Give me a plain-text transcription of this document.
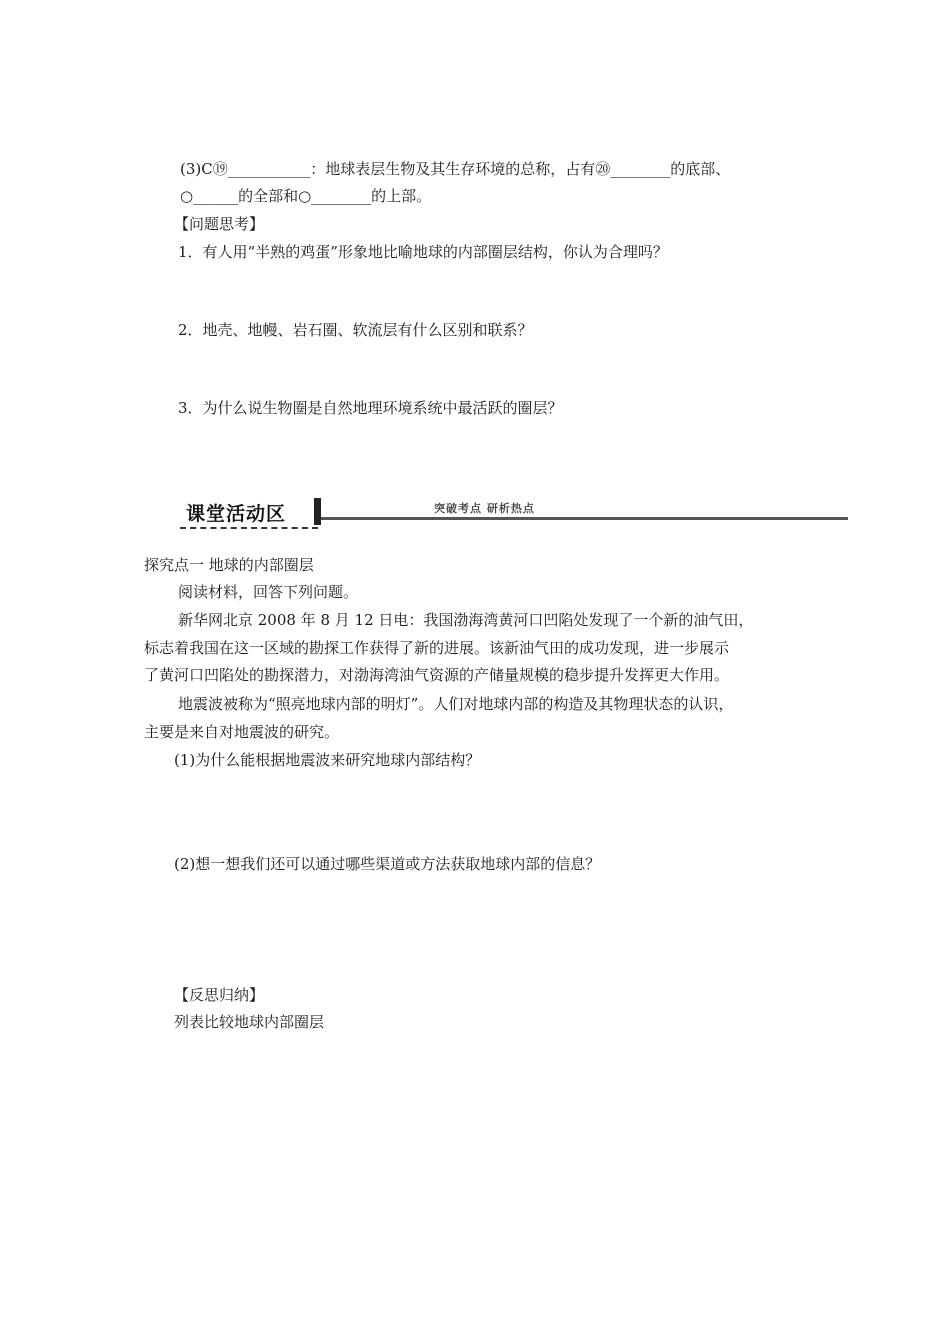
(3)C⑲___________：地球表层生物及其生存环境的总称，占有⑳________的底部、
○______的全部和○________的上部。
【问题思考】
1．有人用“半熟的鸡蛋”形象地比喻地球的内部圈层结构，你认为合理吗？
2．地壳、地幔、岩石圈、软流层有什么区别和联系？
3．为什么说生物圈是自然地理环境系统中最活跃的圈层？
课堂活动区	突破考点 研析热点
探究点一 地球的内部圈层
阅读材料，回答下列问题。
新华网北京 2008 年 8 月 12 日电：我国渤海湾黄河口凹陷处发现了一个新的油气田，
标志着我国在这一区域的勘探工作获得了新的进展。该新油气田的成功发现，进一步展示
了黄河口凹陷处的勘探潜力，对渤海湾油气资源的产储量规模的稳步提升发挥更大作用。
地震波被称为“照亮地球内部的明灯”。人们对地球内部的构造及其物理状态的认识，
主要是来自对地震波的研究。
(1)为什么能根据地震波来研究地球内部结构？
(2)想一想我们还可以通过哪些渠道或方法获取地球内部的信息？
【反思归纳】
列表比较地球内部圈层
